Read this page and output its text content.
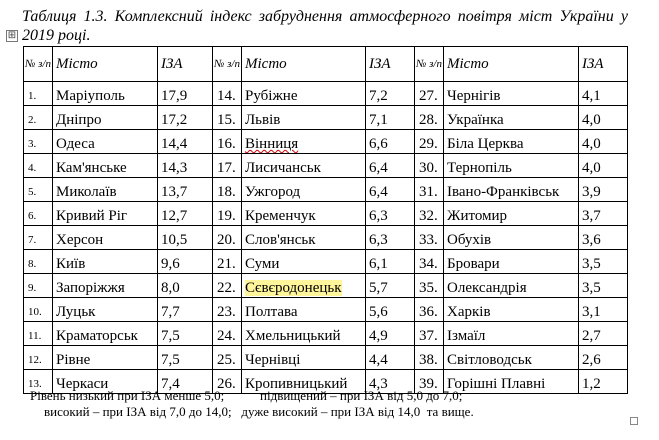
Таблиця 1.3. Комплексний індекс забруднення атмосферного повітря міст України у 2019 році.
⊞
№ з/п	Місто	ІЗА	№ з/п	Місто	ІЗА	№ з/п	Місто	ІЗА
1.	Маріуполь	17,9	14.	Рубіжне	7,2	27.	Чернігів	4,1
2.	Дніпро	17,2	15.	Львів	7,1	28.	Українка	4,0
3.	Одеса	14,4	16.	Вінниця	6,6	29.	Біла Церква	4,0
4.	Кам'янське	14,3	17.	Лисичанськ	6,4	30.	Тернопіль	4,0
5.	Миколаїв	13,7	18.	Ужгород	6,4	31.	Івано-Франківськ	3,9
6.	Кривий Ріг	12,7	19.	Кременчук	6,3	32.	Житомир	3,7
7.	Херсон	10,5	20.	Слов'янськ	6,3	33.	Обухів	3,6
8.	Київ	9,6	21.	Суми	6,1	34.	Бровари	3,5
9.	Запоріжжя	8,0	22.	Сєвєродонецьк	5,7	35.	Олександрія	3,5
10.	Луцьк	7,7	23.	Полтава	5,6	36.	Харків	3,1
11.	Краматорськ	7,5	24.	Хмельницький	4,9	37.	Ізмаїл	2,7
12.	Рівне	7,5	25.	Чернівці	4,4	38.	Світловодськ	2,6
13.	Черкаси	7,4	26.	Кропивницький	4,3	39.	Горішні Плавні	1,2
Рівень низький при ІЗА менше 5,0;           підвищений – при ІЗА від 5,0 до 7,0;
високий – при ІЗА від 7,0 до 14,0;   дуже високий – при ІЗА від 14,0  та вище.
